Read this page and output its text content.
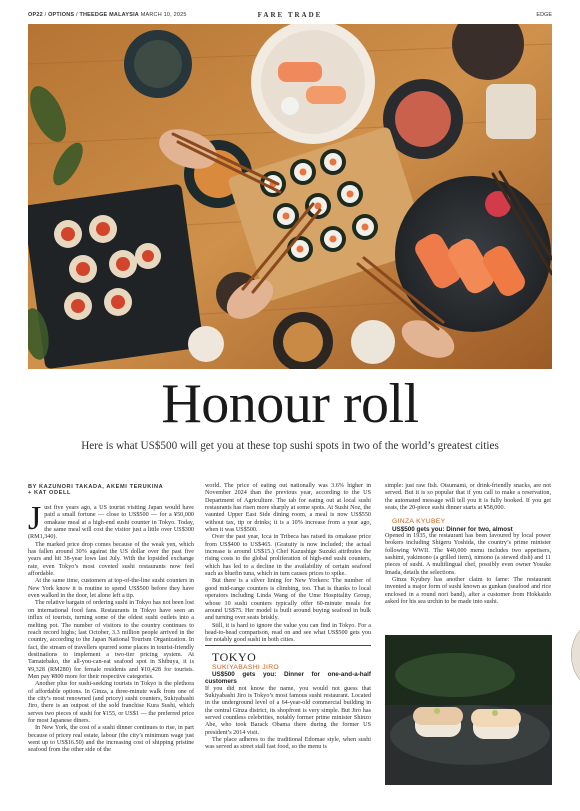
OP22 / OPTIONS / THEEDGE MALAYSIA MARCH 10, 2025	FARE TRADE	EDGE
Honour roll
Here is what US$500 will get you at these top sushi spots in two of the world’s greatest cities
BY KAZUNORI TAKADA, AKEMI TERUKINA
+ KAT ODELL

Just five years ago, a US tourist visiting Japan would have paid a small fortune — close to US$500 — for a ¥50,000 omakase meal at a high-end sushi counter in Tokyo. Today, the same meal will cost the visitor just a little over US$300 (RM1,340).

The marked price drop comes because of the weak yen, which has fallen around 30% against the US dollar over the past five years and hit 38-year lows last July. With the lopsided exchange rate, even Tokyo’s most coveted sushi restaurants now feel affordable.

At the same time, customers at top-of-the-line sushi counters in New York know it is routine to spend US$500 before they have even walked in the door, let alone left a tip.

The relative bargain of ordering sushi in Tokyo has not been lost on international food fans. Restaurants in Tokyo have seen an influx of tourists, turning some of the oldest sushi outlets into a melting pot. The number of visitors to the country continues to reach record highs; last October, 3.3 million people arrived in the country, according to the Japan National Tourism Organization. In fact, the stream of travellers spurred some places in tourist-friendly destinations to implement a two-tier pricing system. At Tamatebako, the all-you-can-eat seafood spot in Shibuya, it is ¥9,328 (RM280) for female residents and ¥10,428 for tourists. Men pay ¥800 more for their respective categories.

Another plus for sushi-seeking tourists in Tokyo is the plethora of affordable options. In Ginza, a three-minute walk from one of the city’s most renowned (and pricey) sushi counters, Sukiyabashi Jiro, there is an outpost of the sold franchise Kura Sushi, which serves two pieces of sushi for ¥155, or US$1 — the preferred price for most Japanese diners.

In New York, the cost of a sushi dinner continues to rise, in part because of pricey real estate, labour (the city’s minimum wage just went up to US$16.50) and the increasing cost of shipping pristine seafood from the other side of the

world. The price of eating out nationally was 3.6% higher in November 2024 than the previous year, according to the US Department of Agriculture. The tab for eating out at local sushi restaurants has risen more sharply at some spots. At Sushi Noz, the vaunted Upper East Side dining room, a meal is now US$550 without tax, tip or drinks; it is a 10% increase from a year ago, when it was US$500.

Over the past year, Icca in Tribeca has raised its omakase price from US$400 to US$465. (Gratuity is now included; the actual increase is around US$15.) Chef Kazushige Suzuki attributes the rising costs to the global proliferation of high-end sushi counters, which has led to a decline in the availability of certain seafood such as bluefin tuna, which in turn causes prices to spike.

But there is a silver lining for New Yorkers: The number of good mid-range counters is climbing, too. That is thanks to local operators including Linda Wang of the Ume Hospitality Group, whose 10 sushi counters typically offer 60-minute meals for around US$75. Her model is built around buying seafood in bulk and turning over seats briskly.

Still, it is hard to ignore the value you can find in Tokyo. For a head-to-head comparison, read on and see what US$500 gets you for notably good sushi in both cities.

TOKYO

SUKIYABASHI JIRO

US$500 gets you: Dinner for one-and-a-half customers

If you did not know the name, you would not guess that Sukiyabashi Jiro is Tokyo’s most famous sushi restaurant. Located in the underground level of a 64-year-old commercial building in the central Ginza district, its shopfront is very simple. But Jiro has served countless celebrities, notably former prime minister Shinzo Abe, who took Barack Obama there during the former US president’s 2014 visit.

The place adheres to the traditional Edomae style, when sushi was served as street stall fast food, so the menu is

simple: just raw fish. Otsumami, or drink-friendly snacks, are not served. But it is so popular that if you call to make a reservation, the automated message will tell you it is fully booked. If you get seats, the 20-piece sushi dinner starts at ¥58,000.

GINZA KYUBEY

US$500 gets you: Dinner for two, almost

Opened in 1935, the restaurant has been favoured by local power brokers including Shigeru Yoshida, the country’s prime minister following WWII. The ¥40,000 menu includes two appetisers, sashimi, yakimono (a grilled item), nimono (a stewed dish) and 11 pieces of sushi. A multilingual chef, possibly even owner Yosuke Imada, details the selections.

Ginza Kyubey has another claim to fame: The restaurant invented a major form of sushi known as gunkan (seafood and rice enclosed in a round nori band), after a customer from Hokkaido asked for his sea urchin to be made into sushi.
